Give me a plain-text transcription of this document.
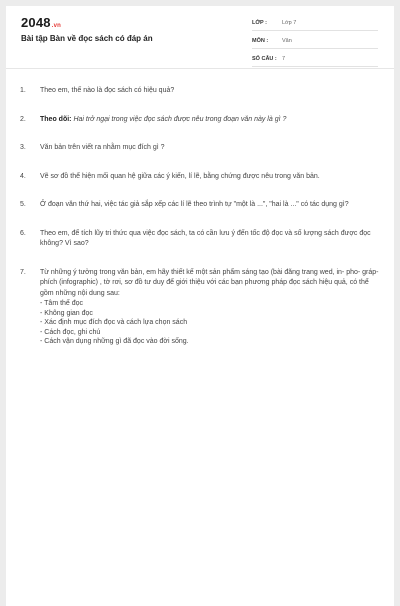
2048.vn
Bài tập Bàn về đọc sách có đáp án
LỚP :	Lớp 7
MÔN :	Văn
SỐ CÂU : 7
1.	Theo em, thế nào là đọc sách có hiệu quả?
2.	Theo dõi: Hai trở ngại trong việc đọc sách được nêu trong đoạn văn này là gì ?
3.	Văn bản trên viết ra nhằm mục đích gì ?
4.	Vẽ sơ đồ thể hiện mối quan hệ giữa các ý kiến, lí lẽ, bằng chứng được nêu trong văn bản.
5.	Ở đoạn văn thứ hai, việc tác giả sắp xếp các lí lẽ theo trình tự "một là ...", "hai là ..." có tác dụng gì?
6.	Theo em, để tích lũy tri thức qua việc đọc sách, ta có cần lưu ý đến tốc độ đọc và số lượng sách được đọc không? Vì sao?
7.	Từ những ý tưởng trong văn bản, em hãy thiết kế một sản phẩm sáng tạo (bài đăng trang wed, in- pho- gráp- phích (infographic) , tờ rơi, sơ đồ tư duy để giới thiệu với các bạn phương pháp đọc sách hiệu quả, có thể gồm những nội dung sau:
- Tâm thế đọc
- Không gian đọc
- Xác định mục đích đọc và cách lựa chọn sách
- Cách đọc, ghi chú
- Cách vận dụng những gì đã đọc vào đời sống.
